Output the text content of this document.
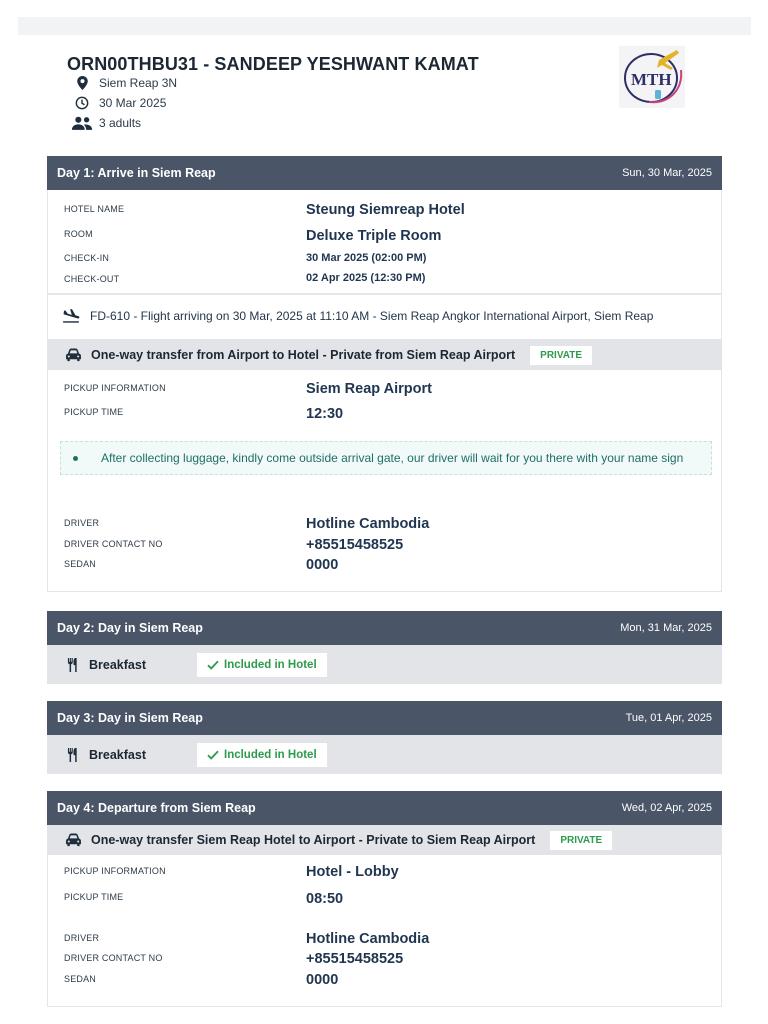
ORN00THBU31 - SANDEEP YESHWANT KAMAT
Siem Reap 3N
30 Mar 2025
3 adults
MTH
Day 1: Arrive in Siem Reap	Sun, 30 Mar, 2025
HOTEL NAME	Steung Siemreap Hotel
ROOM	Deluxe Triple Room
CHECK-IN	30 Mar 2025 (02:00 PM)
CHECK-OUT	02 Apr 2025 (12:30 PM)
FD-610 - Flight arriving on 30 Mar, 2025 at 11:10 AM - Siem Reap Angkor International Airport, Siem Reap
One-way transfer from Airport to Hotel - Private from Siem Reap Airport	PRIVATE
PICKUP INFORMATION	Siem Reap Airport
PICKUP TIME	12:30
After collecting luggage, kindly come outside arrival gate, our driver will wait for you there with your name sign
DRIVER	Hotline Cambodia
DRIVER CONTACT NO	+85515458525
SEDAN	0000
Day 2: Day in Siem Reap	Mon, 31 Mar, 2025
Breakfast	Included in Hotel
Day 3: Day in Siem Reap	Tue, 01 Apr, 2025
Breakfast	Included in Hotel
Day 4: Departure from Siem Reap	Wed, 02 Apr, 2025
One-way transfer Siem Reap Hotel to Airport - Private to Siem Reap Airport	PRIVATE
PICKUP INFORMATION	Hotel - Lobby
PICKUP TIME	08:50
DRIVER	Hotline Cambodia
DRIVER CONTACT NO	+85515458525
SEDAN	0000
